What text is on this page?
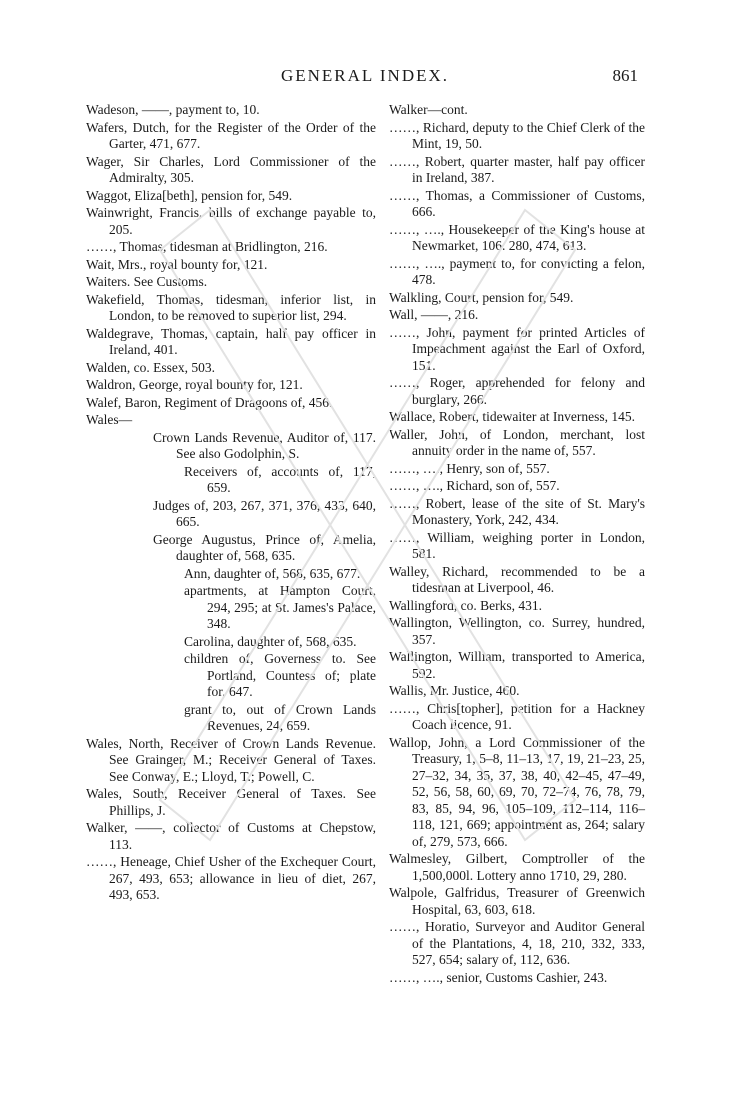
GENERAL INDEX.	861

Wadeson, ——, payment to, 10.

Wafers, Dutch, for the Register of the Order of the Garter, 471, 677.

Wager, Sir Charles, Lord Commissioner of the Admiralty, 305.

Waggot, Eliza[beth], pension for, 549.

Wainwright, Francis, bills of exchange payable to, 205.

……, Thomas, tidesman at Bridlington, 216.

Wait, Mrs., royal bounty for, 121.

Waiters. See Customs.

Wakefield, Thomas, tidesman, inferior list, in London, to be removed to superior list, 294.

Waldegrave, Thomas, captain, half pay officer in Ireland, 401.

Walden, co. Essex, 503.

Waldron, George, royal bounty for, 121.

Walef, Baron, Regiment of Dragoons of, 456.

Wales—

Crown Lands Revenue, Auditor of, 117. See also Godolphin, S.

Receivers of, accounts of, 117, 659.

Judges of, 203, 267, 371, 376, 433, 640, 665.

George Augustus, Prince of, Amelia, daughter of, 568, 635.

Ann, daughter of, 568, 635, 677.

apartments, at Hampton Court, 294, 295; at St. James's Palace, 348.

Carolina, daughter of, 568, 635.

children of, Governess to. See Portland, Countess of; plate for, 647.

grant to, out of Crown Lands Revenues, 24, 659.

Wales, North, Receiver of Crown Lands Revenue. See Grainger, M.; Receiver General of Taxes. See Conway, E.; Lloyd, T.; Powell, C.

Wales, South, Receiver General of Taxes. See Phillips, J.

Walker, ——, collector of Customs at Chepstow, 113.

……, Heneage, Chief Usher of the Exchequer Court, 267, 493, 653; allowance in lieu of diet, 267, 493, 653.

Walker—cont.

……, Richard, deputy to the Chief Clerk of the Mint, 19, 50.

……, Robert, quarter master, half pay officer in Ireland, 387.

……, Thomas, a Commissioner of Customs, 666.

……, …., Housekeeper of the King's house at Newmarket, 106. 280, 474, 613.

……, …., payment to, for convicting a felon, 478.

Walkling, Court, pension for, 549.

Wall, ——, 216.

……, John, payment for printed Articles of Impeachment against the Earl of Oxford, 151.

……, Roger, apprehended for felony and burglary, 266.

Wallace, Robert, tidewaiter at Inverness, 145.

Waller, John, of London, merchant, lost annuity order in the name of, 557.

……, …., Henry, son of, 557.

……, …., Richard, son of, 557.

……, Robert, lease of the site of St. Mary's Monastery, York, 242, 434.

……, William, weighing porter in London, 581.

Walley, Richard, recommended to be a tidesman at Liverpool, 46.

Wallingford, co. Berks, 431.

Wallington, Wellington, co. Surrey, hundred, 357.

Wallington, William, transported to America, 592.

Wallis, Mr. Justice, 460.

……, Chris[topher], petition for a Hackney Coach licence, 91.

Wallop, John, a Lord Commissioner of the Treasury, 1, 5–8, 11–13, 17, 19, 21–23, 25, 27–32, 34, 35, 37, 38, 40, 42–45, 47–49, 52, 56, 58, 60, 69, 70, 72–74, 76, 78, 79, 83, 85, 94, 96, 105–109, 112–114, 116–118, 121, 669; appointment as, 264; salary of, 279, 573, 666.

Walmesley, Gilbert, Comptroller of the 1,500,000l. Lottery anno 1710, 29, 280.

Walpole, Galfridus, Treasurer of Greenwich Hospital, 63, 603, 618.

……, Horatio, Surveyor and Auditor General of the Plantations, 4, 18, 210, 332, 333, 527, 654; salary of, 112, 636.

……, …., senior, Customs Cashier, 243.
